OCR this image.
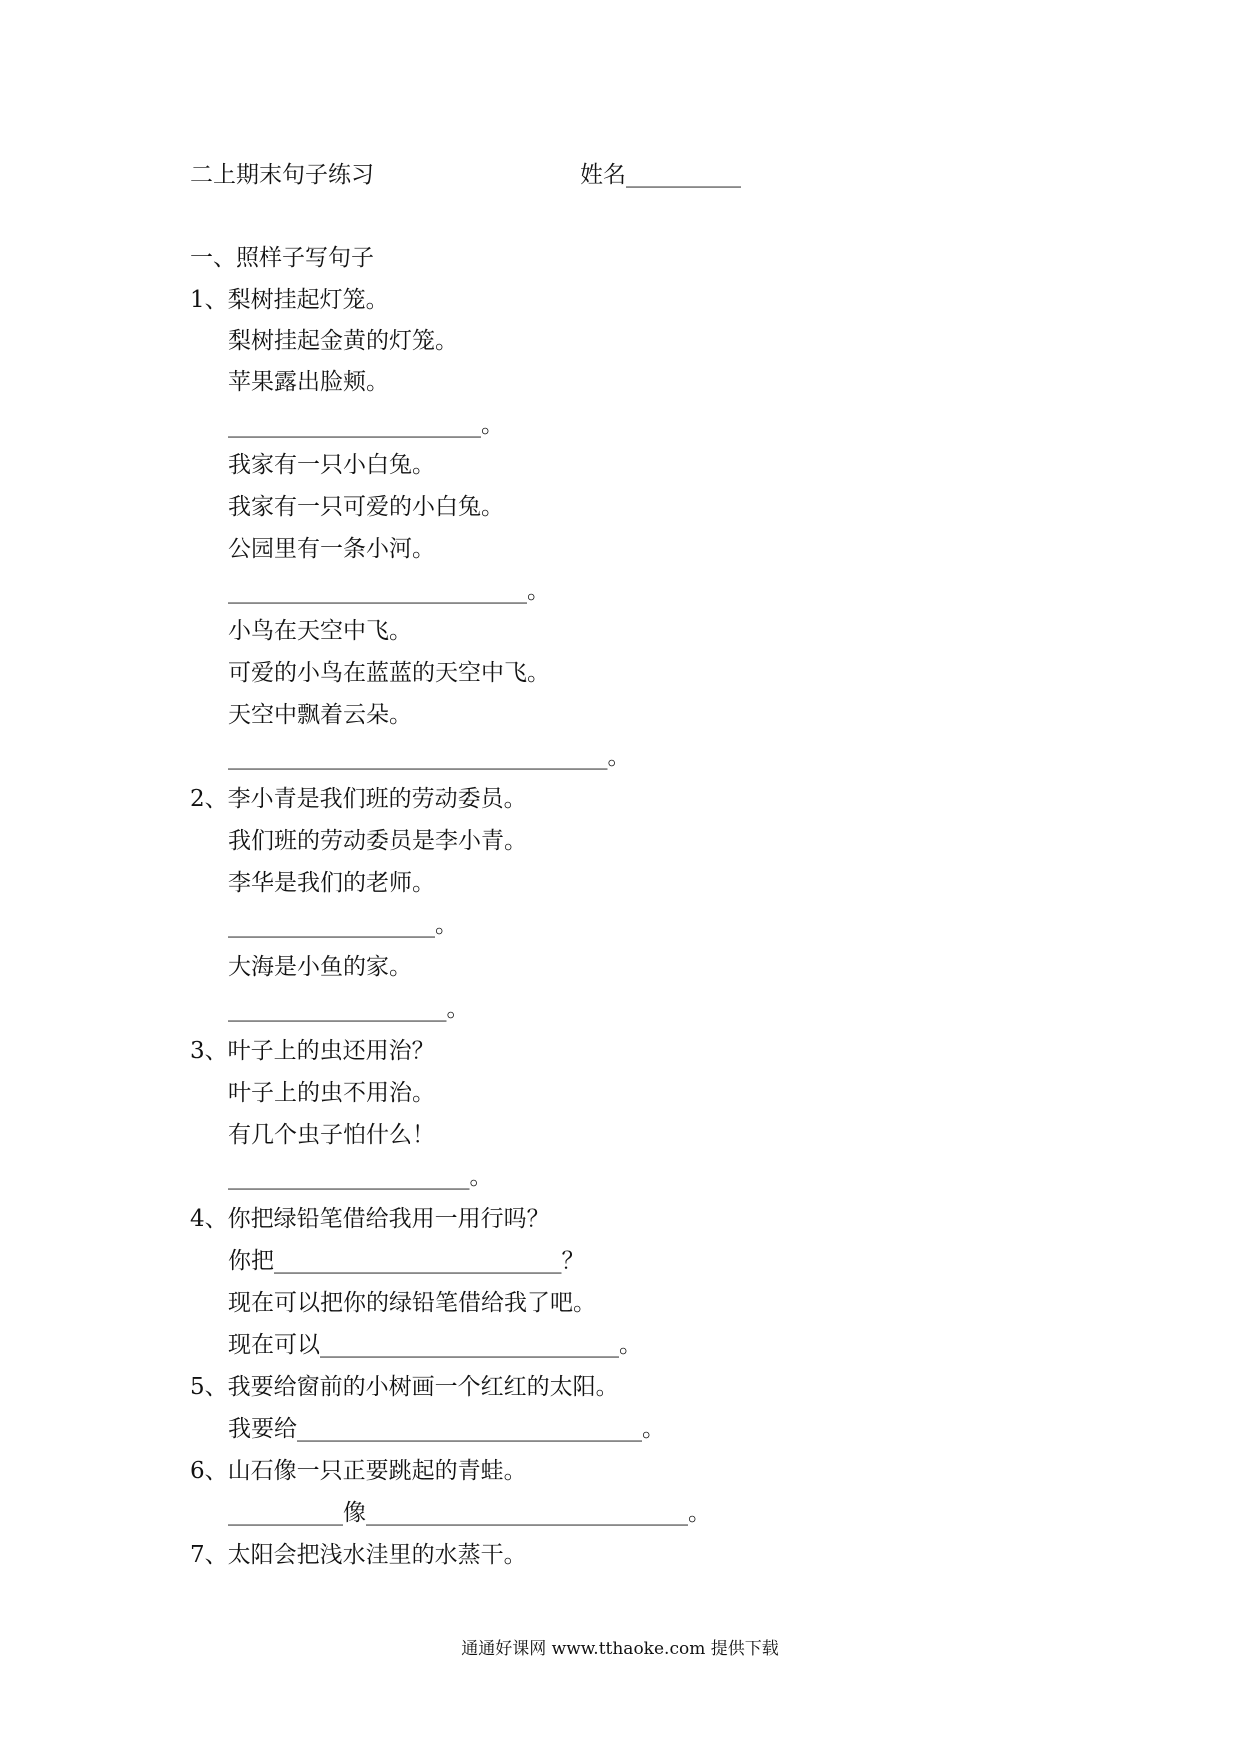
二上期末句子练习	姓名__________
一、照样子写句子
1、梨树挂起灯笼。
梨树挂起金黄的灯笼。
苹果露出脸颊。
______________________。
我家有一只小白兔。
我家有一只可爱的小白兔。
公园里有一条小河。
__________________________。
小鸟在天空中飞。
可爱的小鸟在蓝蓝的天空中飞。
天空中飘着云朵。
_________________________________。
2、李小青是我们班的劳动委员。
我们班的劳动委员是李小青。
李华是我们的老师。
__________________。
大海是小鱼的家。
___________________。
3、叶子上的虫还用治？
叶子上的虫不用治。
有几个虫子怕什么！
_____________________。
4、你把绿铅笔借给我用一用行吗？
你把_________________________？
现在可以把你的绿铅笔借给我了吧。
现在可以__________________________。
5、我要给窗前的小树画一个红红的太阳。
我要给______________________________。
6、山石像一只正要跳起的青蛙。
__________像____________________________。
7、太阳会把浅水洼里的水蒸干。
通通好课网 www.tthaoke.com 提供下载
